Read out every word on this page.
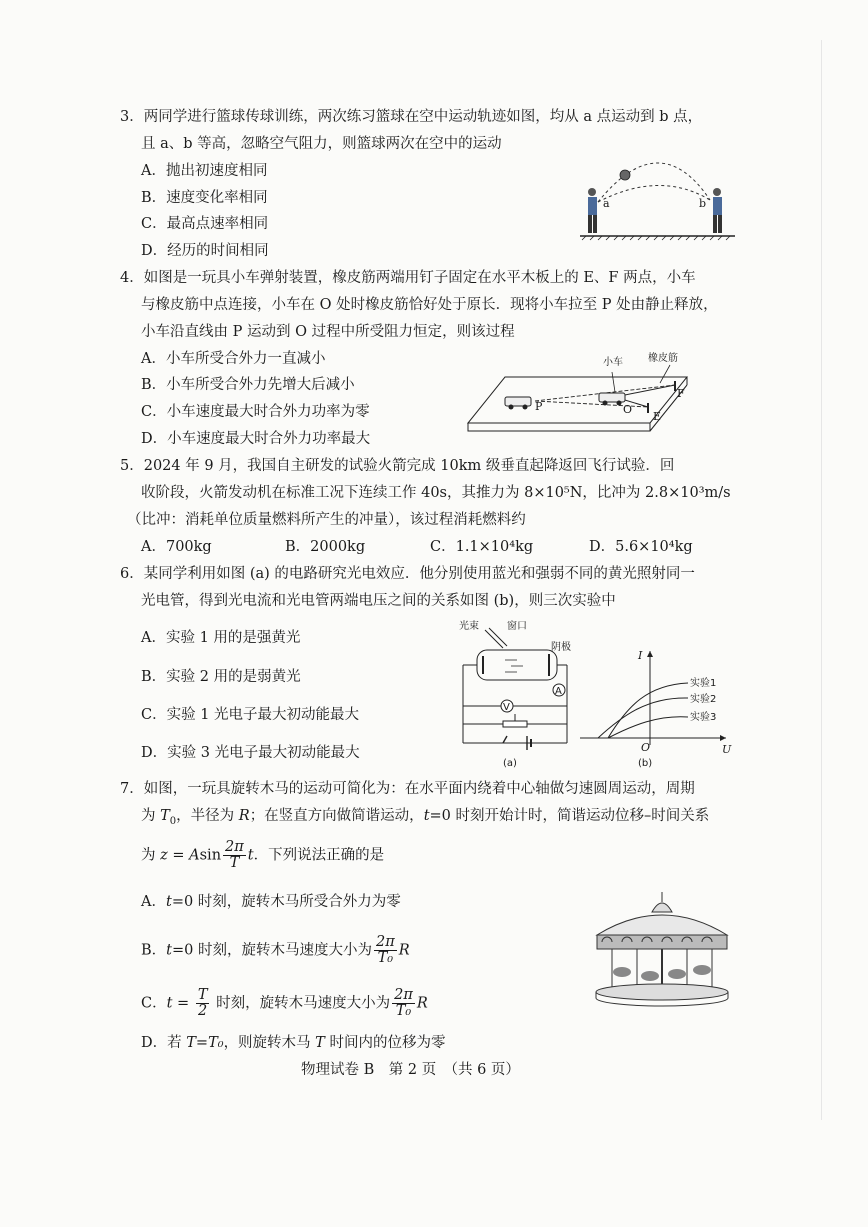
3．两同学进行篮球传球训练，两次练习篮球在空中运动轨迹如图，均从 a 点运动到 b 点，
且 a、b 等高，忽略空气阻力，则篮球两次在空中的运动
A．抛出初速度相同
B．速度变化率相同
C．最高点速率相同
D．经历的时间相同
a	b
4．如图是一玩具小车弹射装置，橡皮筋两端用钉子固定在水平木板上的 E、F 两点，小车
与橡皮筋中点连接，小车在 O 处时橡皮筋恰好处于原长．现将小车拉至 P 处由静止释放，
小车沿直线由 P 运动到 O 过程中所受阻力恒定，则该过程
A．小车所受合外力一直减小
B．小车所受合外力先增大后减小
C．小车速度最大时合外力功率为零
D．小车速度最大时合外力功率最大
小车	橡皮筋
P	O
E
F
5．2024 年 9 月，我国自主研发的试验火箭完成 10km 级垂直起降返回飞行试验．回
收阶段，火箭发动机在标准工况下连续工作 40s，其推力为 8×10⁵N，比冲为 2.8×10³m/s
（比冲：消耗单位质量燃料所产生的冲量），该过程消耗燃料约
A．700kg	B．2000kg	C．1.1×10⁴kg	D．5.6×10⁴kg
6．某同学利用如图 (a) 的电路研究光电效应．他分别使用蓝光和强弱不同的黄光照射同一
光电管，得到光电流和光电管两端电压之间的关系如图 (b)，则三次实验中
A．实验 1 用的是强黄光
B．实验 2 用的是弱黄光
C．实验 1 光电子最大初动能最大
D．实验 3 光电子最大初动能最大
光束	窗口
阴极
A
V
(a)
I
U
O
实验1
实验2
实验3
(b)
7．如图，一玩具旋转木马的运动可简化为：在水平面内绕着中心轴做匀速圆周运动，周期
为 $T_0$，半径为 R；在竖直方向做简谐运动，t=0 时刻开始计时，简谐运动位移–时间关系
为 z = Asin $\frac{2\pi}{T}$ t．下列说法正确的是
A．t=0 时刻，旋转木马所受合外力为零
B．t=0 时刻，旋转木马速度大小为 $\frac{2\pi}{\text{T₀}}$ R
C．$t = \frac{T}{2}$ 时刻，旋转木马速度大小为 $\frac{2\pi}{\text{T₀}}$ R
D．若 T=T₀，则旋转木马 T 时间内的位移为零
物理试卷 B　第 2 页　（共 6 页）
